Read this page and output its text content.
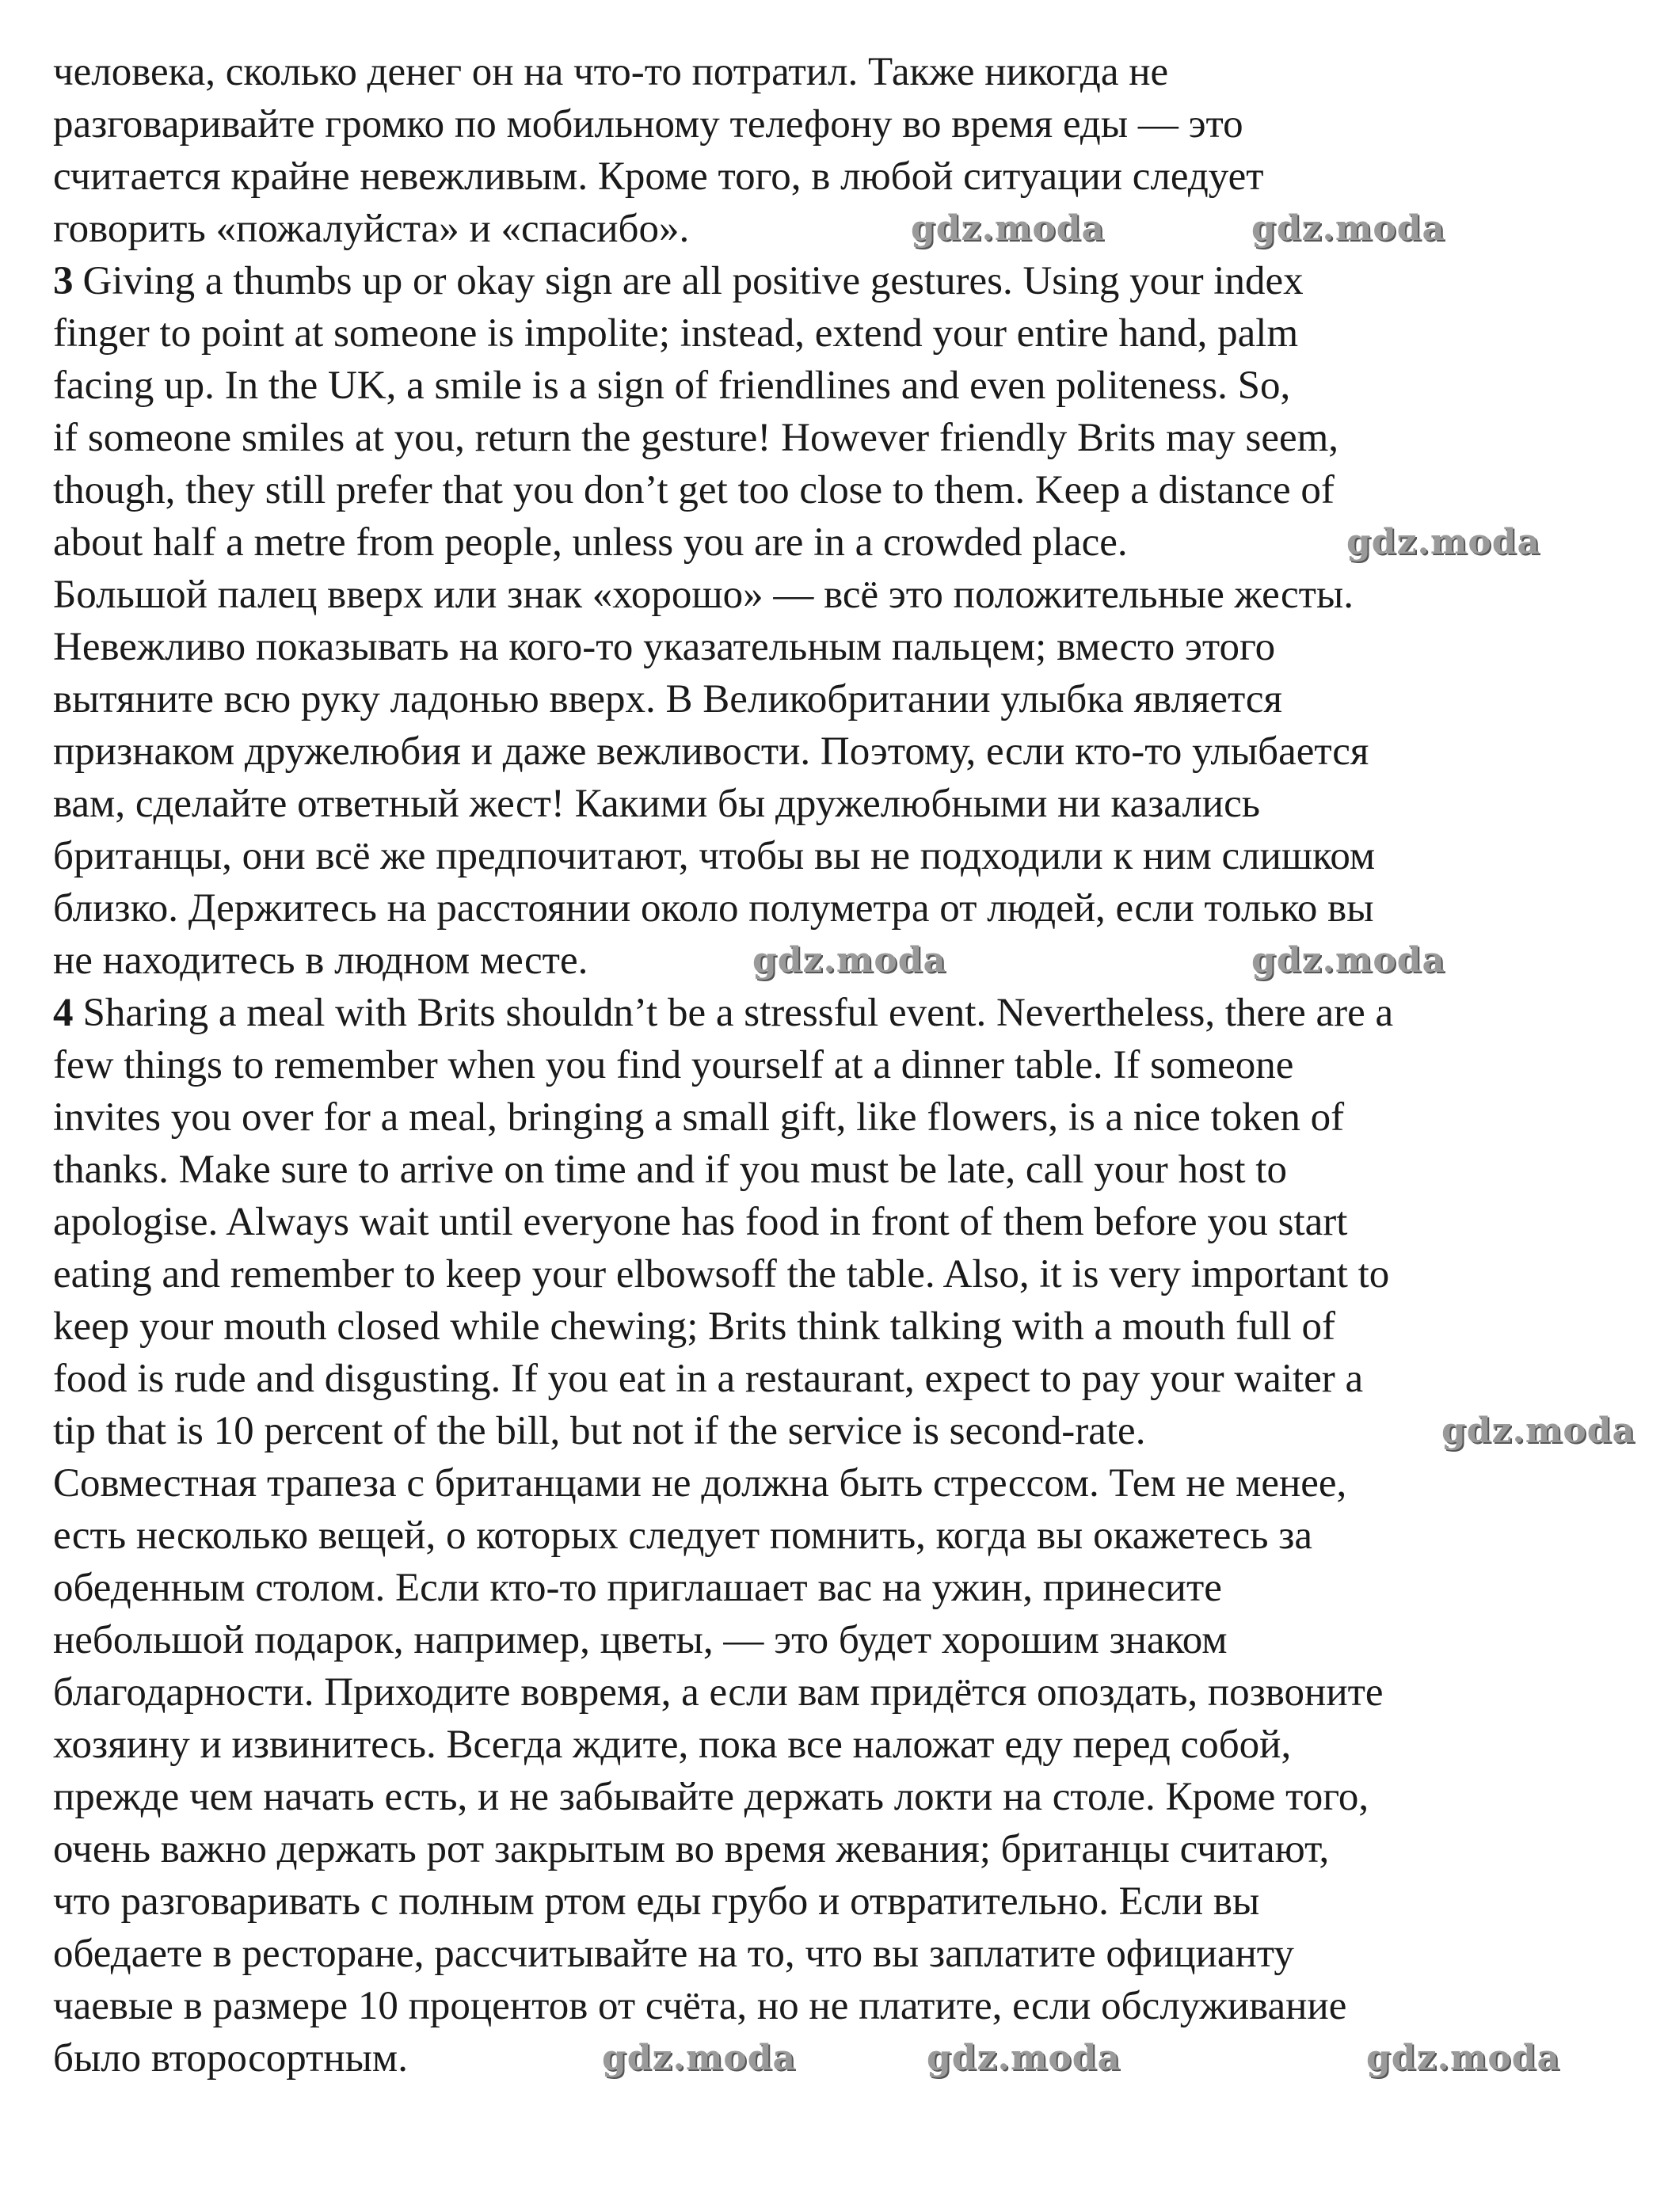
человека, сколько денег он на что-то потратил. Также никогда не
разговаривайте громко по мобильному телефону во время еды — это
считается крайне невежливым. Кроме того, в любой ситуации следует
говорить «пожалуйста» и «спасибо».
3 Giving a thumbs up or okay sign are all positive gestures. Using your index
finger to point at someone is impolite; instead, extend your entire hand, palm
facing up. In the UK, a smile is a sign of friendlines and even politeness. So,
if someone smiles at you, return the gesture! However friendly Brits may seem,
though, they still prefer that you don’t get too close to them. Keep a distance of
about half a metre from people, unless you are in a crowded place.
Большой палец вверх или знак «хорошо» — всё это положительные жесты.
Невежливо показывать на кого-то указательным пальцем; вместо этого
вытяните всю руку ладонью вверх. В Великобритании улыбка является
признаком дружелюбия и даже вежливости. Поэтому, если кто-то улыбается
вам, сделайте ответный жест! Какими бы дружелюбными ни казались
британцы, они всё же предпочитают, чтобы вы не подходили к ним слишком
близко. Держитесь на расстоянии около полуметра от людей, если только вы
не находитесь в людном месте.
4 Sharing a meal with Brits shouldn’t be a stressful event. Nevertheless, there are a
few things to remember when you find yourself at a dinner table. If someone
invites you over for a meal, bringing a small gift, like flowers, is a nice token of
thanks. Make sure to arrive on time and if you must be late, call your host to
apologise. Always wait until everyone has food in front of them before you start
eating and remember to keep your elbowsoff the table. Also, it is very important to
keep your mouth closed while chewing; Brits think talking with a mouth full of
food is rude and disgusting. If you eat in a restaurant, expect to pay your waiter a
tip that is 10 percent of the bill, but not if the service is second-rate.
Совместная трапеза с британцами не должна быть стрессом. Тем не менее,
есть несколько вещей, о которых следует помнить, когда вы окажетесь за
обеденным столом. Если кто-то приглашает вас на ужин, принесите
небольшой подарок, например, цветы, — это будет хорошим знаком
благодарности. Приходите вовремя, а если вам придётся опоздать, позвоните
хозяину и извинитесь. Всегда ждите, пока все наложат еду перед собой,
прежде чем начать есть, и не забывайте держать локти на столе. Кроме того,
очень важно держать рот закрытым во время жевания; британцы считают,
что разговаривать с полным ртом еды грубо и отвратительно. Если вы
обедаете в ресторане, рассчитывайте на то, что вы заплатите официанту
чаевые в размере 10 процентов от счёта, но не платите, если обслуживание
было второсортным.
gdz.moda	gdz.moda
gdz.moda
gdz.moda	gdz.moda
gdz.moda
gdz.moda	gdz.moda	gdz.moda
